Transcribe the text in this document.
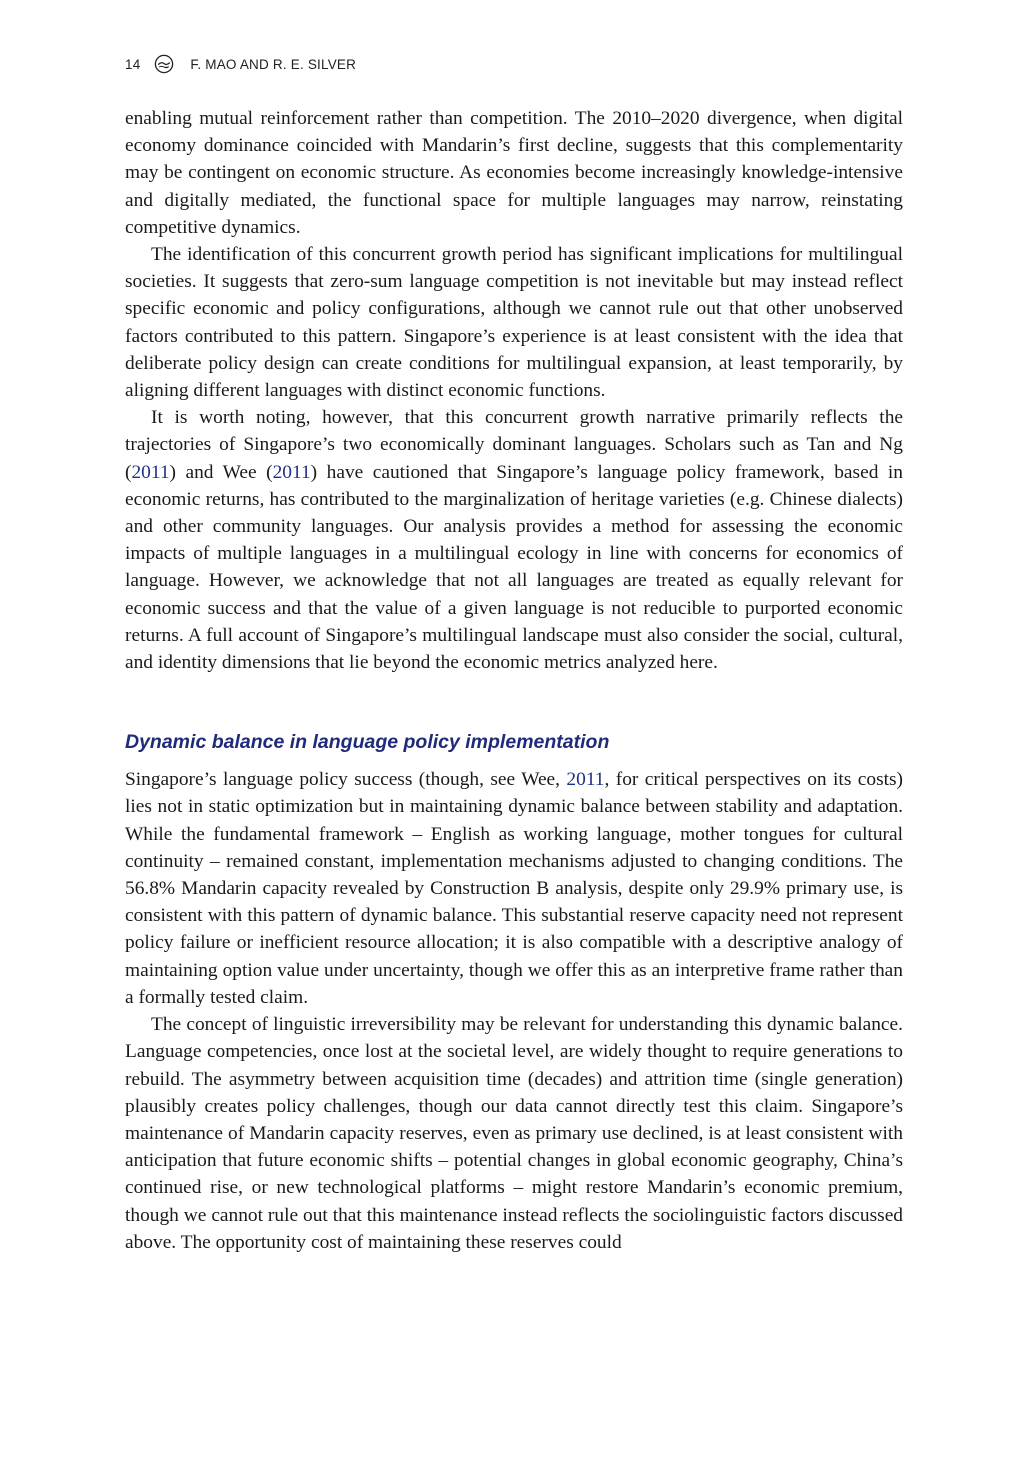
14	F. MAO AND R. E. SILVER

enabling mutual reinforcement rather than competition. The 2010–2020 divergence, when digital economy dominance coincided with Mandarin’s first decline, suggests that this complementarity may be contingent on economic structure. As economies become increasingly knowledge-intensive and digitally mediated, the functional space for multiple languages may narrow, reinstating competitive dynamics.

The identification of this concurrent growth period has significant implications for multilingual societies. It suggests that zero-sum language competition is not inevitable but may instead reflect specific economic and policy configurations, although we cannot rule out that other unobserved factors contributed to this pattern. Singapore’s experience is at least consistent with the idea that deliberate policy design can create conditions for multilingual expansion, at least temporarily, by aligning different languages with distinct economic functions.

It is worth noting, however, that this concurrent growth narrative primarily reflects the trajectories of Singapore’s two economically dominant languages. Scholars such as Tan and Ng (2011) and Wee (2011) have cautioned that Singapore’s language policy framework, based in economic returns, has contributed to the marginalization of heritage varieties (e.g. Chinese dialects) and other community languages. Our analysis provides a method for assessing the economic impacts of multiple languages in a multilingual ecology in line with concerns for economics of language. However, we acknowledge that not all languages are treated as equally relevant for economic success and that the value of a given language is not reducible to purported economic returns. A full account of Singapore’s multilingual landscape must also consider the social, cultural, and identity dimensions that lie beyond the economic metrics analyzed here.

Dynamic balance in language policy implementation

Singapore’s language policy success (though, see Wee, 2011, for critical perspectives on its costs) lies not in static optimization but in maintaining dynamic balance between stability and adaptation. While the fundamental framework – English as working language, mother tongues for cultural continuity – remained constant, implementation mechanisms adjusted to changing conditions. The 56.8% Mandarin capacity revealed by Construction B analysis, despite only 29.9% primary use, is consistent with this pattern of dynamic balance. This substantial reserve capacity need not represent policy failure or inefficient resource allocation; it is also compatible with a descriptive analogy of maintaining option value under uncertainty, though we offer this as an interpretive frame rather than a formally tested claim.

The concept of linguistic irreversibility may be relevant for understanding this dynamic balance. Language competencies, once lost at the societal level, are widely thought to require generations to rebuild. The asymmetry between acquisition time (decades) and attrition time (single generation) plausibly creates policy challenges, though our data cannot directly test this claim. Singapore’s maintenance of Mandarin capacity reserves, even as primary use declined, is at least consistent with anticipation that future economic shifts – potential changes in global economic geography, China’s continued rise, or new technological platforms – might restore Mandarin’s economic premium, though we cannot rule out that this maintenance instead reflects the sociolinguistic factors discussed above. The opportunity cost of maintaining these reserves could
